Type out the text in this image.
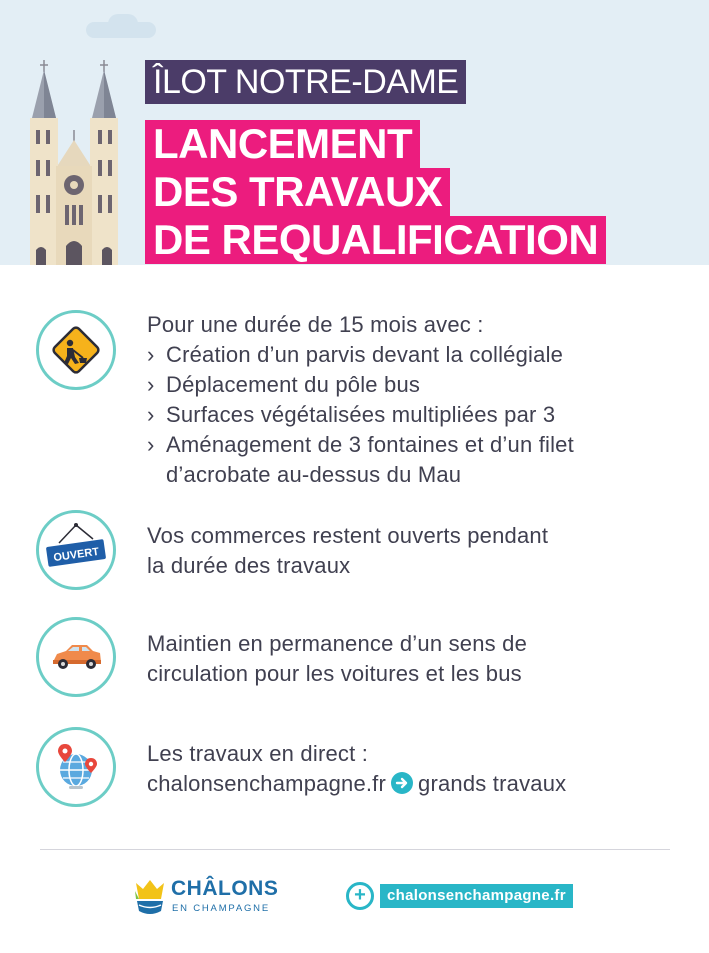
ÎLOT NOTRE-DAME
LANCEMENT
DES TRAVAUX
DE REQUALIFICATION
Pour une durée de 15 mois avec :
› Création d’un parvis devant la collégiale
› Déplacement du pôle bus
› Surfaces végétalisées multipliées par 3
› Aménagement de 3 fontaines et d’un filet
d’acrobate au-dessus du Mau
OUVERT
Vos commerces restent ouverts pendant
la durée des travaux
Maintien en permanence d’un sens de
circulation pour les voitures et les bus
Les travaux en direct :
chalonsenchampagne.fr grands travaux
CHÂLONS
EN CHAMPAGNE
+	chalonsenchampagne.fr
